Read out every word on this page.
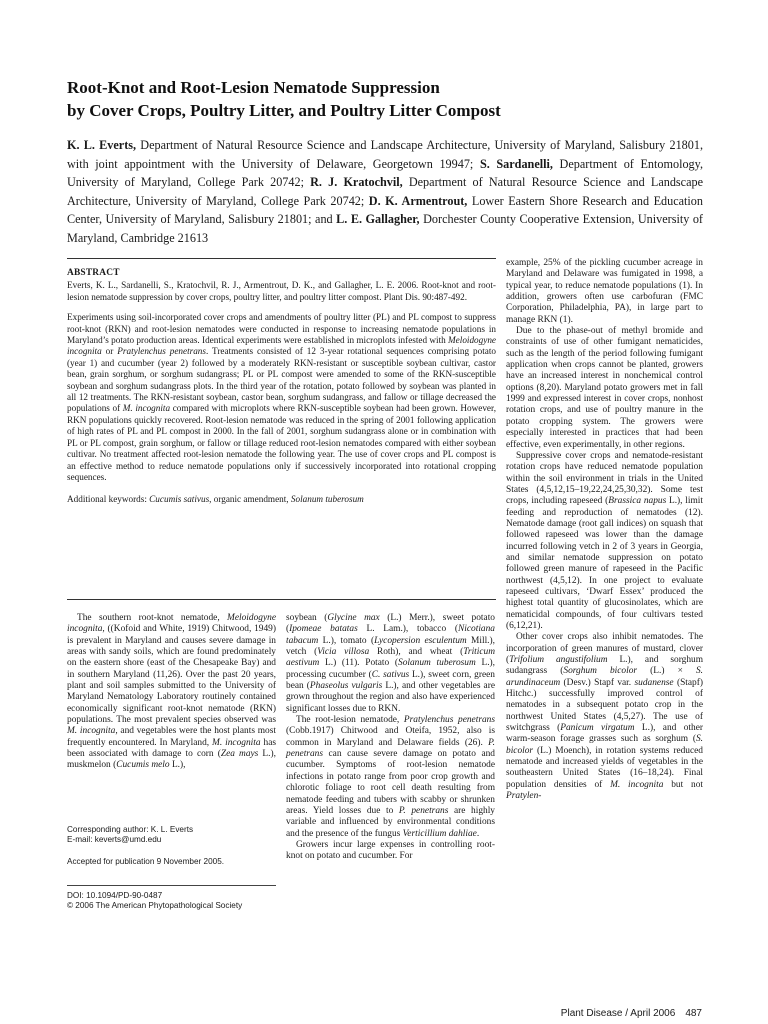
Root-Knot and Root-Lesion Nematode Suppression
by Cover Crops, Poultry Litter, and Poultry Litter Compost
K. L. Everts, Department of Natural Resource Science and Landscape Architecture, University of Maryland, Salisbury 21801, with joint appointment with the University of Delaware, Georgetown 19947; S. Sardanelli, Department of Entomology, University of Maryland, College Park 20742; R. J. Kratochvil, Department of Natural Resource Science and Landscape Architecture, University of Maryland, College Park 20742; D. K. Armentrout, Lower Eastern Shore Research and Education Center, University of Maryland, Salisbury 21801; and L. E. Gallagher, Dorchester County Cooperative Extension, University of Maryland, Cambridge 21613
ABSTRACT
Everts, K. L., Sardanelli, S., Kratochvil, R. J., Armentrout, D. K., and Gallagher, L. E. 2006. Root-knot and root-lesion nematode suppression by cover crops, poultry litter, and poultry litter compost. Plant Dis. 90:487-492.
Experiments using soil-incorporated cover crops and amendments of poultry litter (PL) and PL compost to suppress root-knot (RKN) and root-lesion nematodes were conducted in response to increasing nematode populations in Maryland’s potato production areas. Identical experiments were established in microplots infested with Meloidogyne incognita or Pratylenchus penetrans. Treatments consisted of 12 3-year rotational sequences comprising potato (year 1) and cucumber (year 2) followed by a moderately RKN-resistant or susceptible soybean cultivar, castor bean, grain sorghum, or sorghum sudangrass; PL or PL compost were amended to some of the RKN-susceptible soybean and sorghum sudangrass plots. In the third year of the rotation, potato followed by soybean was planted in all 12 treatments. The RKN-resistant soybean, castor bean, sorghum sudangrass, and fallow or tillage decreased the populations of M. incognita compared with microplots where RKN-susceptible soybean had been grown. However, RKN populations quickly recovered. Root-lesion nematode was reduced in the spring of 2001 following application of high rates of PL and PL compost in 2000. In the fall of 2001, sorghum sudangrass alone or in combination with PL or PL compost, grain sorghum, or fallow or tillage reduced root-lesion nematodes compared with either soybean cultivar. No treatment affected root-lesion nematode the following year. The use of cover crops and PL compost is an effective method to reduce nematode populations only if successively incorporated into rotational cropping sequences.
Additional keywords: Cucumis sativus, organic amendment, Solanum tuberosum

The southern root-knot nematode, Meloidogyne incognita, ((Kofoid and White, 1919) Chitwood, 1949) is prevalent in Maryland and causes severe damage in areas with sandy soils, which are found predominately on the eastern shore (east of the Chesapeake Bay) and in southern Maryland (11,26). Over the past 20 years, plant and soil samples submitted to the University of Maryland Nematology Laboratory routinely contained economically significant root-knot nematode (RKN) populations. The most prevalent species observed was M. incognita, and vegetables were the host plants most frequently encountered. In Maryland, M. incognita has been associated with damage to corn (Zea mays L.), muskmelon (Cucumis melo L.),

Corresponding author: K. L. Everts
E-mail: keverts@umd.edu
Accepted for publication 9 November 2005.
DOI: 10.1094/PD-90-0487
© 2006 The American Phytopathological Society

soybean (Glycine max (L.) Merr.), sweet potato (Ipomeae batatas L. Lam.), tobacco (Nicotiana tabacum L.), tomato (Lycopersion esculentum Mill.), vetch (Vicia villosa Roth), and wheat (Triticum aestivum L.) (11). Potato (Solanum tuberosum L.), processing cucumber (C. sativus L.), sweet corn, green bean (Phaseolus vulgaris L.), and other vegetables are grown throughout the region and also have experienced significant losses due to RKN.

The root-lesion nematode, Pratylenchus penetrans (Cobb.1917) Chitwood and Oteifa, 1952, also is common in Maryland and Delaware fields (26). P. penetrans can cause severe damage on potato and cucumber. Symptoms of root-lesion nematode infections in potato range from poor crop growth and chlorotic foliage to root cell death resulting from nematode feeding and tubers with scabby or shrunken areas. Yield losses due to P. penetrans are highly variable and influenced by environmental conditions and the presence of the fungus Verticillium dahliae.

Growers incur large expenses in controlling root-knot on potato and cucumber. For

example, 25% of the pickling cucumber acreage in Maryland and Delaware was fumigated in 1998, a typical year, to reduce nematode populations (1). In addition, growers often use carbofuran (FMC Corporation, Philadelphia, PA), in large part to manage RKN (1).

Due to the phase-out of methyl bromide and constraints of use of other fumigant nematicides, such as the length of the period following fumigant application when crops cannot be planted, growers have an increased interest in nonchemical control options (8,20). Maryland potato growers met in fall 1999 and expressed interest in cover crops, nonhost rotation crops, and use of poultry manure in the potato cropping system. The growers were especially interested in practices that had been effective, even experimentally, in other regions.

Suppressive cover crops and nematode-resistant rotation crops have reduced nematode population within the soil environment in trials in the United States (4,5,12,15–19,22,24,25,30,32). Some test crops, including rapeseed (Brassica napus L.), limit feeding and reproduction of nematodes (12). Nematode damage (root gall indices) on squash that followed rapeseed was lower than the damage incurred following vetch in 2 of 3 years in Georgia, and similar nematode suppression on potato followed green manure of rapeseed in the Pacific northwest (4,5,12). In one project to evaluate rapeseed cultivars, ‘Dwarf Essex’ produced the highest total quantity of glucosinolates, which are nematicidal compounds, of four cultivars tested (6,12,21).

Other cover crops also inhibit nematodes. The incorporation of green manures of mustard, clover (Trifolium angustifolium L.), and sorghum sudangrass (Sorghum bicolor (L.) × S. arundinaceum (Desv.) Stapf var. sudanense (Stapf) Hitchc.) successfully improved control of nematodes in a subsequent potato crop in the northwest United States (4,5,27). The use of switchgrass (Panicum virgatum L.), and other warm-season forage grasses such as sorghum (S. bicolor (L.) Moench), in rotation systems reduced nematode and increased yields of vegetables in the southeastern United States (16–18,24). Final population densities of M. incognita but not Pratylen-

Plant Disease / April 2006 487
